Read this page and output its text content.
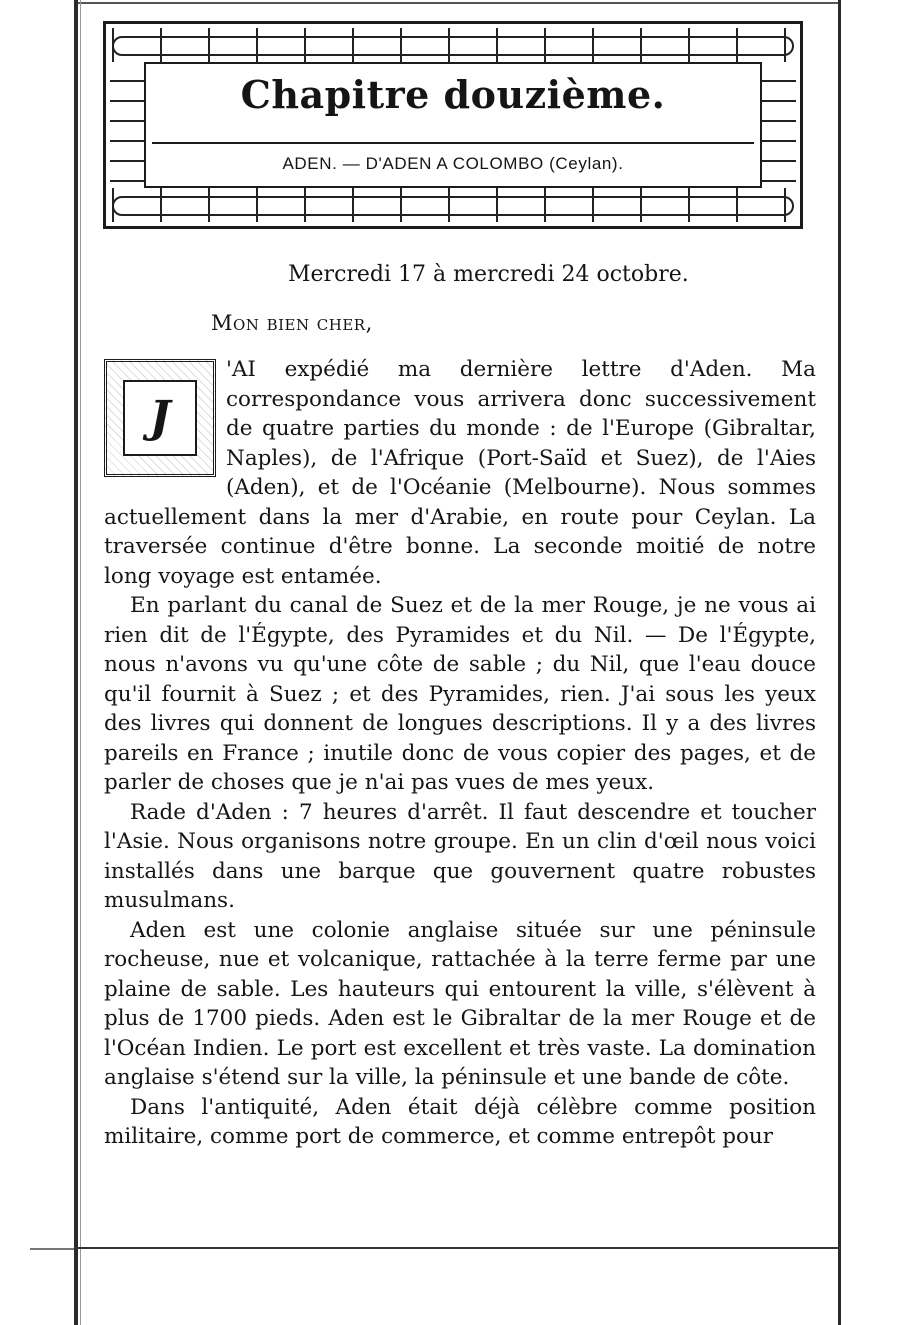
Chapitre douzième.
ADEN. — D'ADEN A COLOMBO (Ceylan).
Mercredi 17 à mercredi 24 octobre.
Mon bien cher,
J

'AI expédié ma dernière lettre d'Aden. Ma correspondance vous arrivera donc successivement de quatre parties du monde : de l'Europe (Gibraltar, Naples), de l'Afrique (Port-Saïd et Suez), de l'Aies (Aden), et de l'Océanie (Melbourne). Nous sommes actuellement dans la mer d'Arabie, en route pour Ceylan. La traversée continue d'être bonne. La seconde moitié de notre long voyage est entamée.

En parlant du canal de Suez et de la mer Rouge, je ne vous ai rien dit de l'Égypte, des Pyramides et du Nil. — De l'Égypte, nous n'avons vu qu'une côte de sable ; du Nil, que l'eau douce qu'il fournit à Suez ; et des Pyramides, rien. J'ai sous les yeux des livres qui donnent de longues descriptions. Il y a des livres pareils en France ; inutile donc de vous copier des pages, et de parler de choses que je n'ai pas vues de mes yeux.

Rade d'Aden : 7 heures d'arrêt. Il faut descendre et toucher l'Asie. Nous organisons notre groupe. En un clin d'œil nous voici installés dans une barque que gouvernent quatre robustes musulmans.

Aden est une colonie anglaise située sur une péninsule rocheuse, nue et volcanique, rattachée à la terre ferme par une plaine de sable. Les hauteurs qui entourent la ville, s'élèvent à plus de 1700 pieds. Aden est le Gibraltar de la mer Rouge et de l'Océan Indien. Le port est excellent et très vaste. La domination anglaise s'étend sur la ville, la péninsule et une bande de côte.

Dans l'antiquité, Aden était déjà célèbre comme position militaire, comme port de commerce, et comme entrepôt pour
